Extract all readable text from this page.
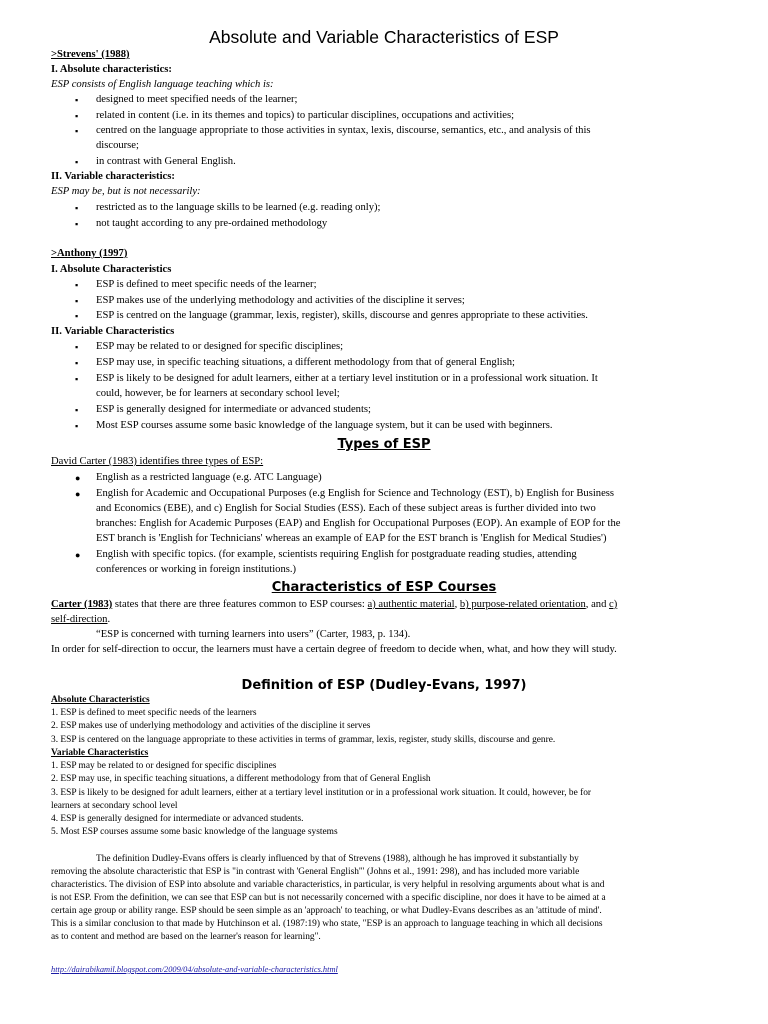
Absolute and Variable Characteristics of ESP
>Strevens' (1988)
I. Absolute characteristics:
ESP consists of English language teaching which is:
▪ designed to meet specified needs of the learner;
▪ related in content (i.e. in its themes and topics) to particular disciplines, occupations and activities;
▪ centred on the language appropriate to those activities in syntax, lexis, discourse, semantics, etc., and analysis of this
discourse;
▪ in contrast with General English.
II. Variable characteristics:
ESP may be, but is not necessarily:
▪ restricted as to the language skills to be learned (e.g. reading only);
▪ not taught according to any pre-ordained methodology
>Anthony (1997)
I. Absolute Characteristics
▪ ESP is defined to meet specific needs of the learner;
▪ ESP makes use of the underlying methodology and activities of the discipline it serves;
▪ ESP is centred on the language (grammar, lexis, register), skills, discourse and genres appropriate to these activities.
II. Variable Characteristics
▪ ESP may be related to or designed for specific disciplines;
▪ ESP may use, in specific teaching situations, a different methodology from that of general English;
▪ ESP is likely to be designed for adult learners, either at a tertiary level institution or in a professional work situation. It
could, however, be for learners at secondary school level;
▪ ESP is generally designed for intermediate or advanced students;
▪ Most ESP courses assume some basic knowledge of the language system, but it can be used with beginners.
Types of ESP
David Carter (1983) identifies three types of ESP:
● English as a restricted language (e.g. ATC Language)
● English for Academic and Occupational Purposes (e.g English for Science and Technology (EST), b) English for Business
and Economics (EBE), and c) English for Social Studies (ESS). Each of these subject areas is further divided into two
branches: English for Academic Purposes (EAP) and English for Occupational Purposes (EOP). An example of EOP for the
EST branch is 'English for Technicians' whereas an example of EAP for the EST branch is 'English for Medical Studies')
● English with specific topics. (for example, scientists requiring English for postgraduate reading studies, attending
conferences or working in foreign institutions.)
Characteristics of ESP Courses
Carter (1983) states that there are three features common to ESP courses: a) authentic material, b) purpose-related orientation, and c)
self-direction.
“ESP is concerned with turning learners into users” (Carter, 1983, p. 134).
In order for self-direction to occur, the learners must have a certain degree of freedom to decide when, what, and how they will study.
Definition of ESP (Dudley-Evans, 1997)
Absolute Characteristics
1. ESP is defined to meet specific needs of the learners
2. ESP makes use of underlying methodology and activities of the discipline it serves
3. ESP is centered on the language appropriate to these activities in terms of grammar, lexis, register, study skills, discourse and genre.
Variable Characteristics
1. ESP may be related to or designed for specific disciplines
2. ESP may use, in specific teaching situations, a different methodology from that of General English
3. ESP is likely to be designed for adult learners, either at a tertiary level institution or in a professional work situation. It could, however, be for
learners at secondary school level
4. ESP is generally designed for intermediate or advanced students.
5. Most ESP courses assume some basic knowledge of the language systems
The definition Dudley-Evans offers is clearly influenced by that of Strevens (1988), although he has improved it substantially by
removing the absolute characteristic that ESP is "in contrast with 'General English'" (Johns et al., 1991: 298), and has included more variable
characteristics. The division of ESP into absolute and variable characteristics, in particular, is very helpful in resolving arguments about what is and
is not ESP. From the definition, we can see that ESP can but is not necessarily concerned with a specific discipline, nor does it have to be aimed at a
certain age group or ability range. ESP should be seen simple as an 'approach' to teaching, or what Dudley-Evans describes as an 'attitude of mind'.
This is a similar conclusion to that made by Hutchinson et al. (1987:19) who state, "ESP is an approach to language teaching in which all decisions
as to content and method are based on the learner's reason for learning".
http://dairabikamil.blogspot.com/2009/04/absolute-and-variable-characteristics.html
